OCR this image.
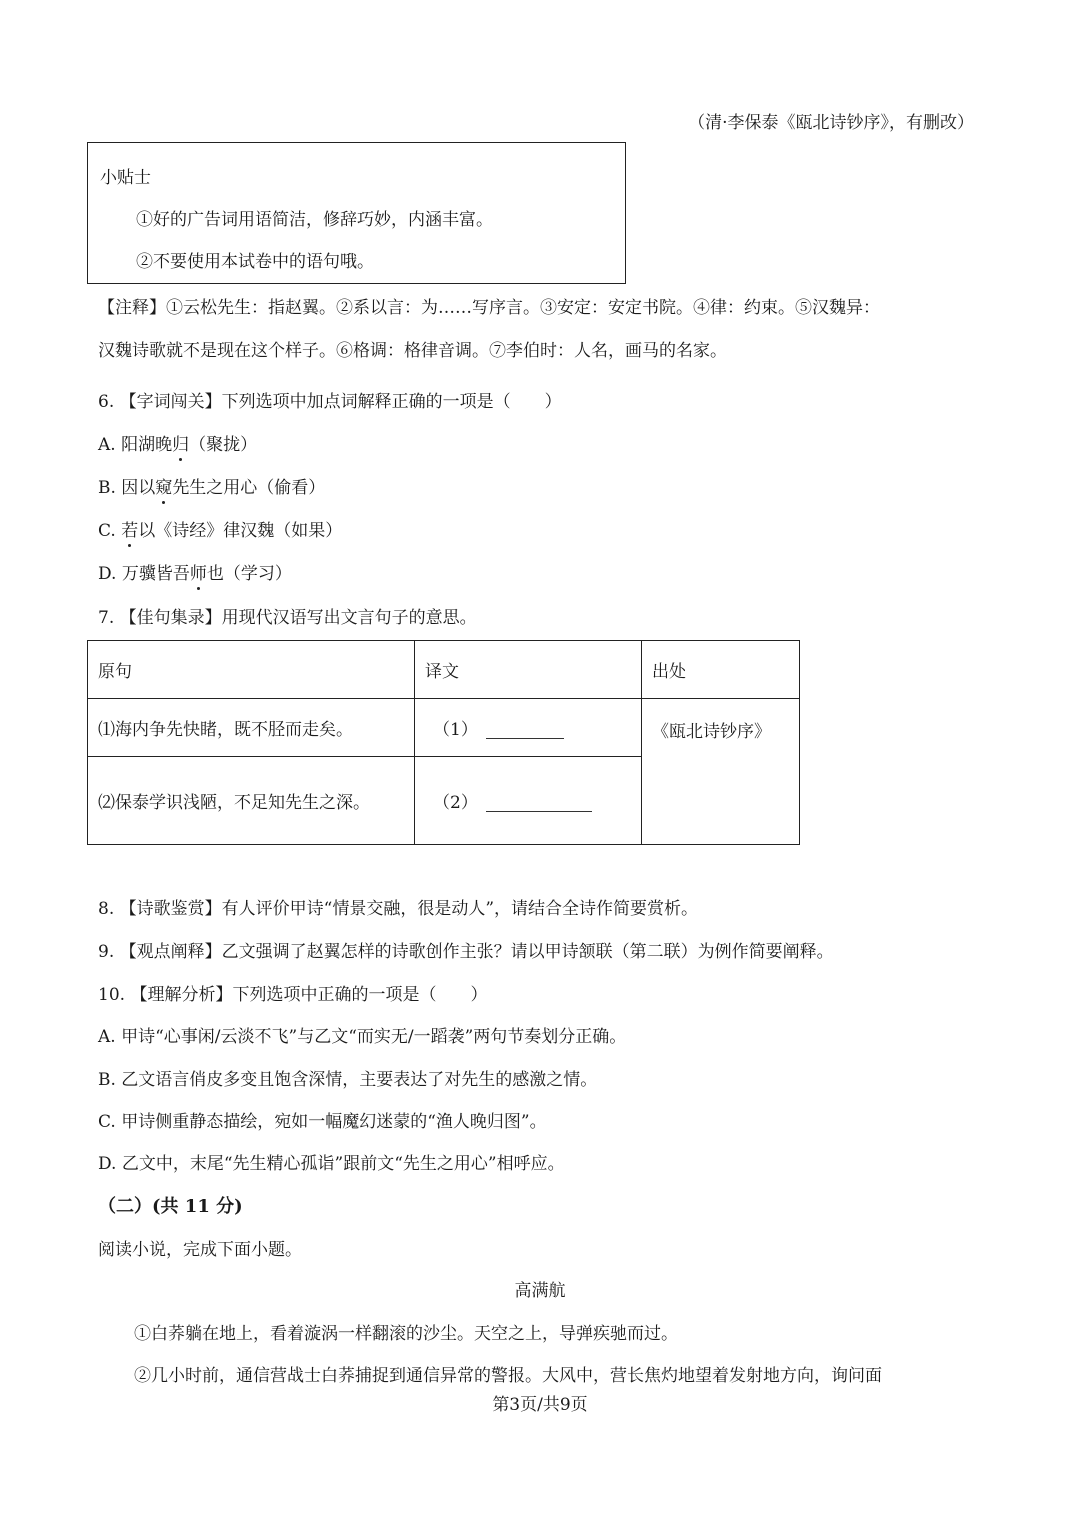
（清·李保泰《瓯北诗钞序》，有删改）
小贴士
①好的广告词用语简洁，修辞巧妙，内涵丰富。
②不要使用本试卷中的语句哦。
【注释】①云松先生：指赵翼。②系以言：为……写序言。③安定：安定书院。④律：约束。⑤汉魏异：
汉魏诗歌就不是现在这个样子。⑥格调：格律音调。⑦李伯时：人名，画马的名家。
6. 【字词闯关】下列选项中加点词解释正确的一项是（　　）
A. 阳湖晚归（聚拢）
B. 因以窥先生之用心（偷看）
C. 若以《诗经》律汉魏（如果）
D. 万骥皆吾师也（学习）
7. 【佳句集录】用现代汉语写出文言句子的意思。
原句	译文	出处
⑴海内争先快睹，既不胫而走矣。	（1）	《瓯北诗钞序》
⑵保泰学识浅陋，不足知先生之深。	（2）	
8. 【诗歌鉴赏】有人评价甲诗“情景交融，很是动人”，请结合全诗作简要赏析。
9. 【观点阐释】乙文强调了赵翼怎样的诗歌创作主张？请以甲诗颔联（第二联）为例作简要阐释。
10. 【理解分析】下列选项中正确的一项是（　　）
A. 甲诗“心事闲/云淡不飞”与乙文“而实无/一蹈袭”两句节奏划分正确。
B. 乙文语言俏皮多变且饱含深情，主要表达了对先生的感激之情。
C. 甲诗侧重静态描绘，宛如一幅魔幻迷蒙的“渔人晚归图”。
D. 乙文中，末尾“先生精心孤诣”跟前文“先生之用心”相呼应。
（二）(共 11 分)
阅读小说，完成下面小题。
高满航
①白荞躺在地上，看着漩涡一样翻滚的沙尘。天空之上，导弹疾驰而过。
②几小时前，通信营战士白荞捕捉到通信异常的警报。大风中，营长焦灼地望着发射地方向，询问面
第3页/共9页
